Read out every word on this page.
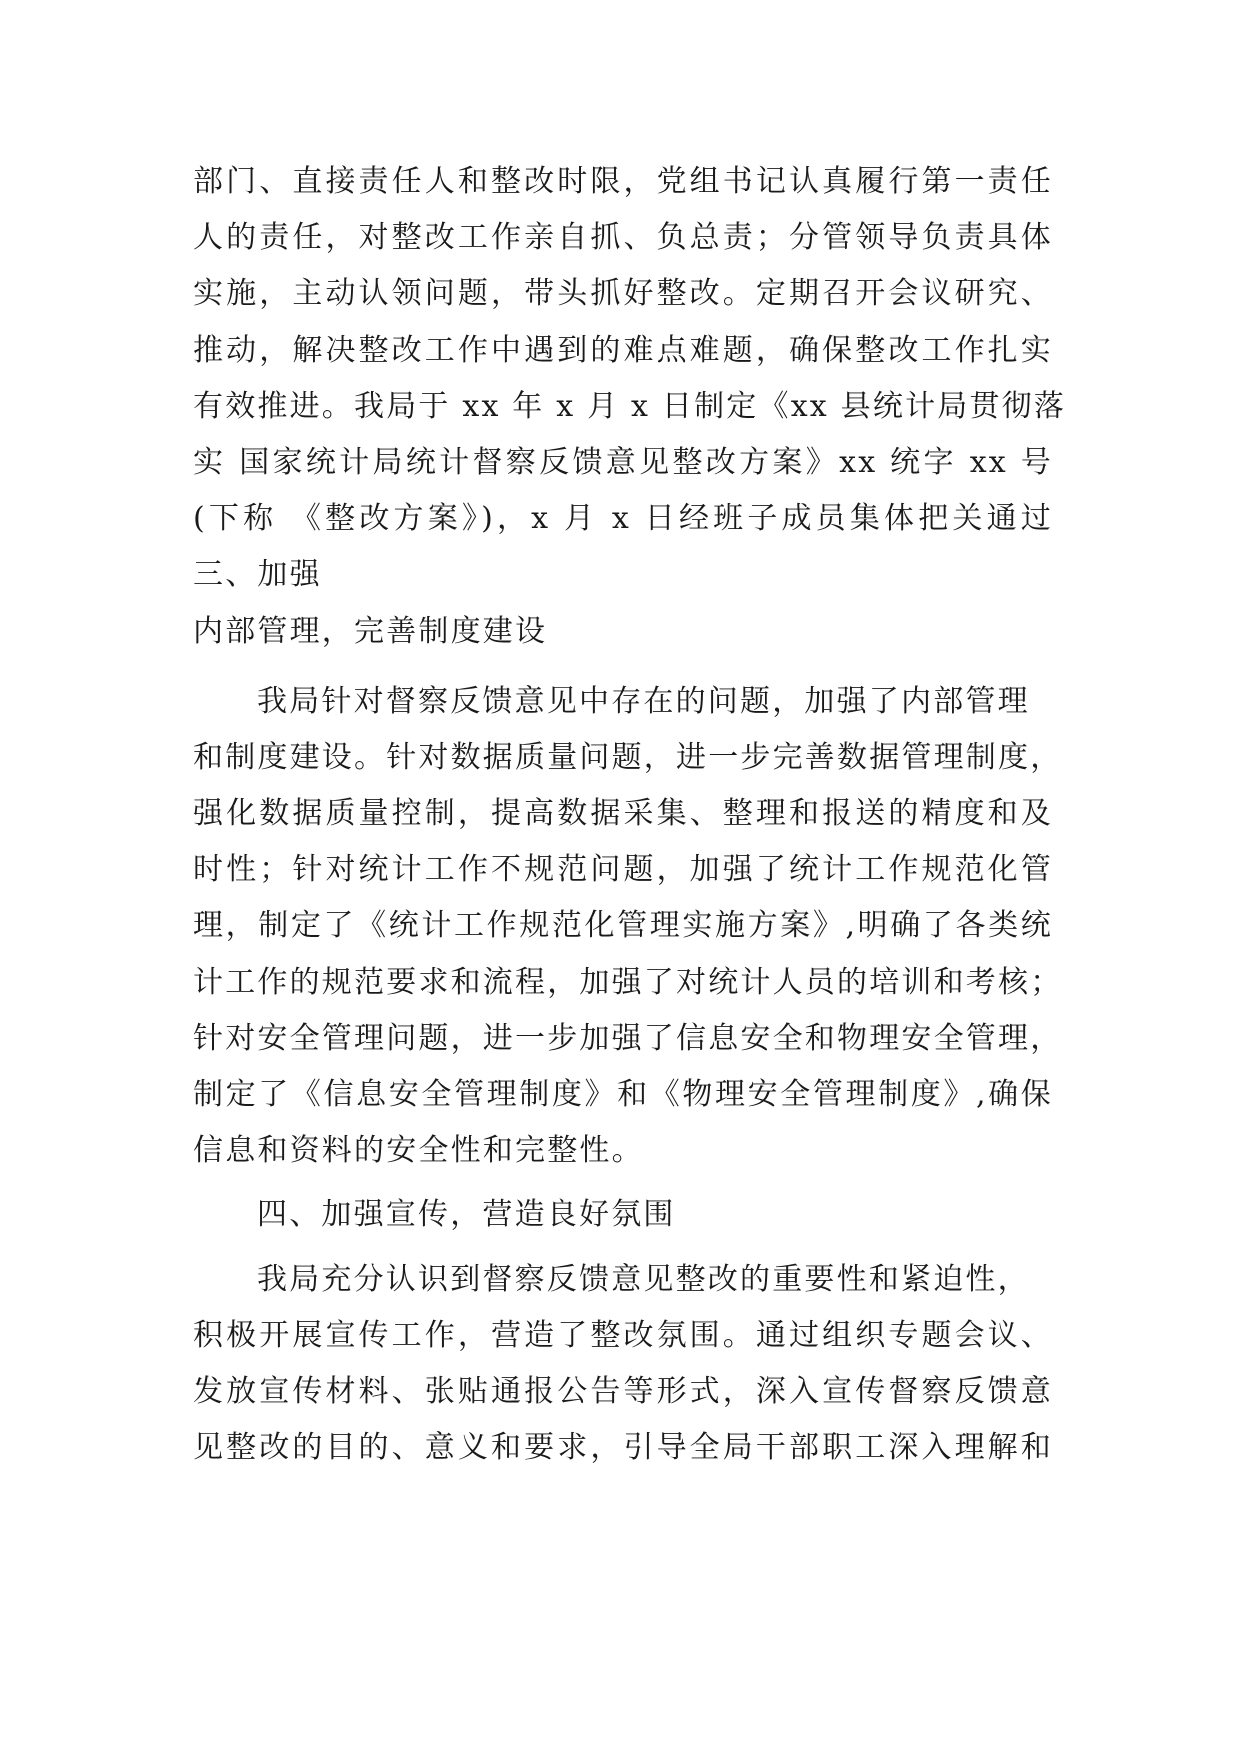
部门、直接责任人和整改时限，党组书记认真履行第一责任
人的责任，对整改工作亲自抓、负总责；分管领导负责具体
实施，主动认领问题，带头抓好整改。定期召开会议研究、
推动，解决整改工作中遇到的难点难题，确保整改工作扎实
有效推进。我局于 xx 年 x 月 x 日制定《xx 县统计局贯彻落
实 国家统计局统计督察反馈意见整改方案》xx 统字 xx 号
(下称 《整改方案》)，x 月 x 日经班子成员集体把关通过
三、加强
内部管理，完善制度建设
我局针对督察反馈意见中存在的问题，加强了内部管理
和制度建设。针对数据质量问题，进一步完善数据管理制度，
强化数据质量控制，提高数据采集、整理和报送的精度和及
时性；针对统计工作不规范问题，加强了统计工作规范化管
理，制定了《统计工作规范化管理实施方案》,明确了各类统
计工作的规范要求和流程，加强了对统计人员的培训和考核；
针对安全管理问题，进一步加强了信息安全和物理安全管理，
制定了《信息安全管理制度》和《物理安全管理制度》,确保
信息和资料的安全性和完整性。
四、加强宣传，营造良好氛围
我局充分认识到督察反馈意见整改的重要性和紧迫性，
积极开展宣传工作，营造了整改氛围。通过组织专题会议、
发放宣传材料、张贴通报公告等形式，深入宣传督察反馈意
见整改的目的、意义和要求，引导全局干部职工深入理解和
